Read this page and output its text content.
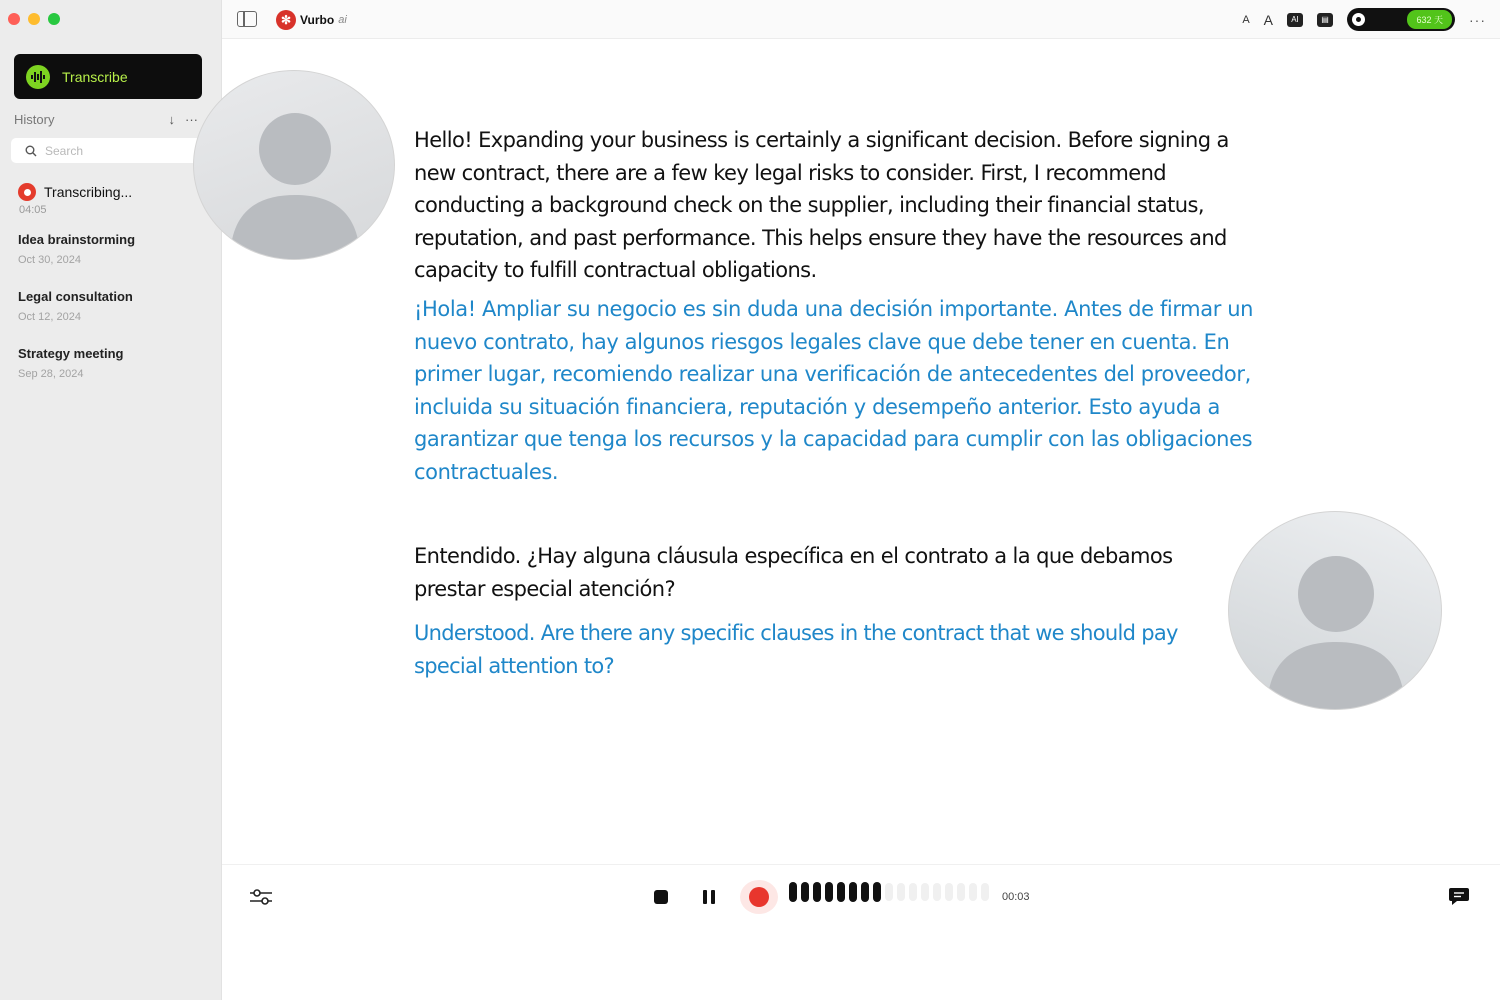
Transcribe
History	↓ ···
Search
Transcribing...
04:05
Idea brainstorming
Oct 30, 2024
Legal consultation
Oct 12, 2024
Strategy meeting
Sep 28, 2024
✻ Vurbo ai	A A	AI	▤	632 天	···

Hello! Expanding your business is certainly a significant decision. Before signing a new contract, there are a few key legal risks to consider. First, I recommend conducting a background check on the supplier, including their financial status, reputation, and past performance. This helps ensure they have the resources and capacity to fulfill contractual obligations.

¡Hola! Ampliar su negocio es sin duda una decisión importante. Antes de firmar un nuevo contrato, hay algunos riesgos legales clave que debe tener en cuenta. En primer lugar, recomiendo realizar una verificación de antecedentes del proveedor, incluida su situación financiera, reputación y desempeño anterior. Esto ayuda a garantizar que tenga los recursos y la capacidad para cumplir con las obligaciones contractuales.

Entendido. ¿Hay alguna cláusula específica en el contrato a la que debamos prestar especial atención?

Understood. Are there any specific clauses in the contract that we should pay special attention to?

00:03
